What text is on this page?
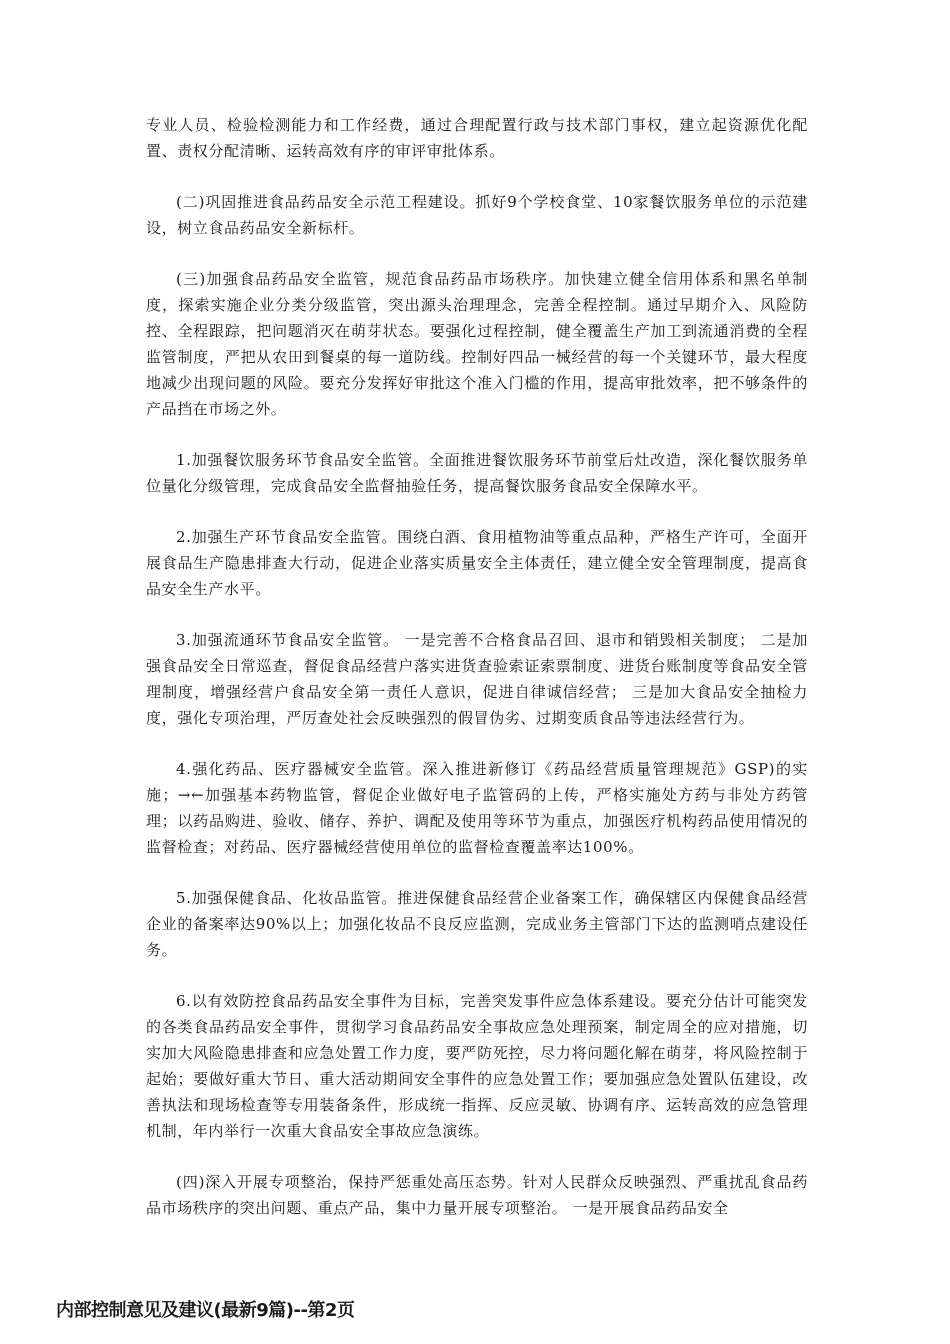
专业人员、检验检测能力和工作经费，通过合理配置行政与技术部门事权，建立起资源优化配置、责权分配清晰、运转高效有序的审评审批体系。

(二)巩固推进食品药品安全示范工程建设。抓好9个学校食堂、10家餐饮服务单位的示范建设，树立食品药品安全新标杆。

(三)加强食品药品安全监管，规范食品药品市场秩序。加快建立健全信用体系和黑名单制度，探索实施企业分类分级监管，突出源头治理理念，完善全程控制。通过早期介入、风险防控、全程跟踪，把问题消灭在萌芽状态。要强化过程控制，健全覆盖生产加工到流通消费的全程监管制度，严把从农田到餐桌的每一道防线。控制好四品一械经营的每一个关键环节，最大程度地减少出现问题的风险。要充分发挥好审批这个准入门槛的作用，提高审批效率，把不够条件的产品挡在市场之外。

1.加强餐饮服务环节食品安全监管。全面推进餐饮服务环节前堂后灶改造，深化餐饮服务单位量化分级管理，完成食品安全监督抽验任务，提高餐饮服务食品安全保障水平。

2.加强生产环节食品安全监管。围绕白酒、食用植物油等重点品种，严格生产许可，全面开展食品生产隐患排查大行动，促进企业落实质量安全主体责任，建立健全安全管理制度，提高食品安全生产水平。

3.加强流通环节食品安全监管。 一是完善不合格食品召回、退市和销毁相关制度； 二是加强食品安全日常巡查，督促食品经营户落实进货查验索证索票制度、进货台账制度等食品安全管理制度，增强经营户食品安全第一责任人意识，促进自律诚信经营； 三是加大食品安全抽检力度，强化专项治理，严厉查处社会反映强烈的假冒伪劣、过期变质食品等违法经营行为。

4.强化药品、医疗器械安全监管。深入推进新修订《药品经营质量管理规范》GSP)的实施；→←加强基本药物监管，督促企业做好电子监管码的上传，严格实施处方药与非处方药管理；以药品购进、验收、储存、养护、调配及使用等环节为重点，加强医疗机构药品使用情况的监督检查；对药品、医疗器械经营使用单位的监督检查覆盖率达100%。

5.加强保健食品、化妆品监管。推进保健食品经营企业备案工作，确保辖区内保健食品经营企业的备案率达90%以上；加强化妆品不良反应监测，完成业务主管部门下达的监测哨点建设任务。

6.以有效防控食品药品安全事件为目标，完善突发事件应急体系建设。要充分估计可能突发的各类食品药品安全事件，贯彻学习食品药品安全事故应急处理预案，制定周全的应对措施，切实加大风险隐患排查和应急处置工作力度，要严防死控，尽力将问题化解在萌芽，将风险控制于起始；要做好重大节日、重大活动期间安全事件的应急处置工作；要加强应急处置队伍建设，改善执法和现场检查等专用装备条件，形成统一指挥、反应灵敏、协调有序、运转高效的应急管理机制，年内举行一次重大食品安全事故应急演练。

(四)深入开展专项整治，保持严惩重处高压态势。针对人民群众反映强烈、严重扰乱食品药品市场秩序的突出问题、重点产品，集中力量开展专项整治。 一是开展食品药品安全

内部控制意见及建议(最新9篇)--第2页
